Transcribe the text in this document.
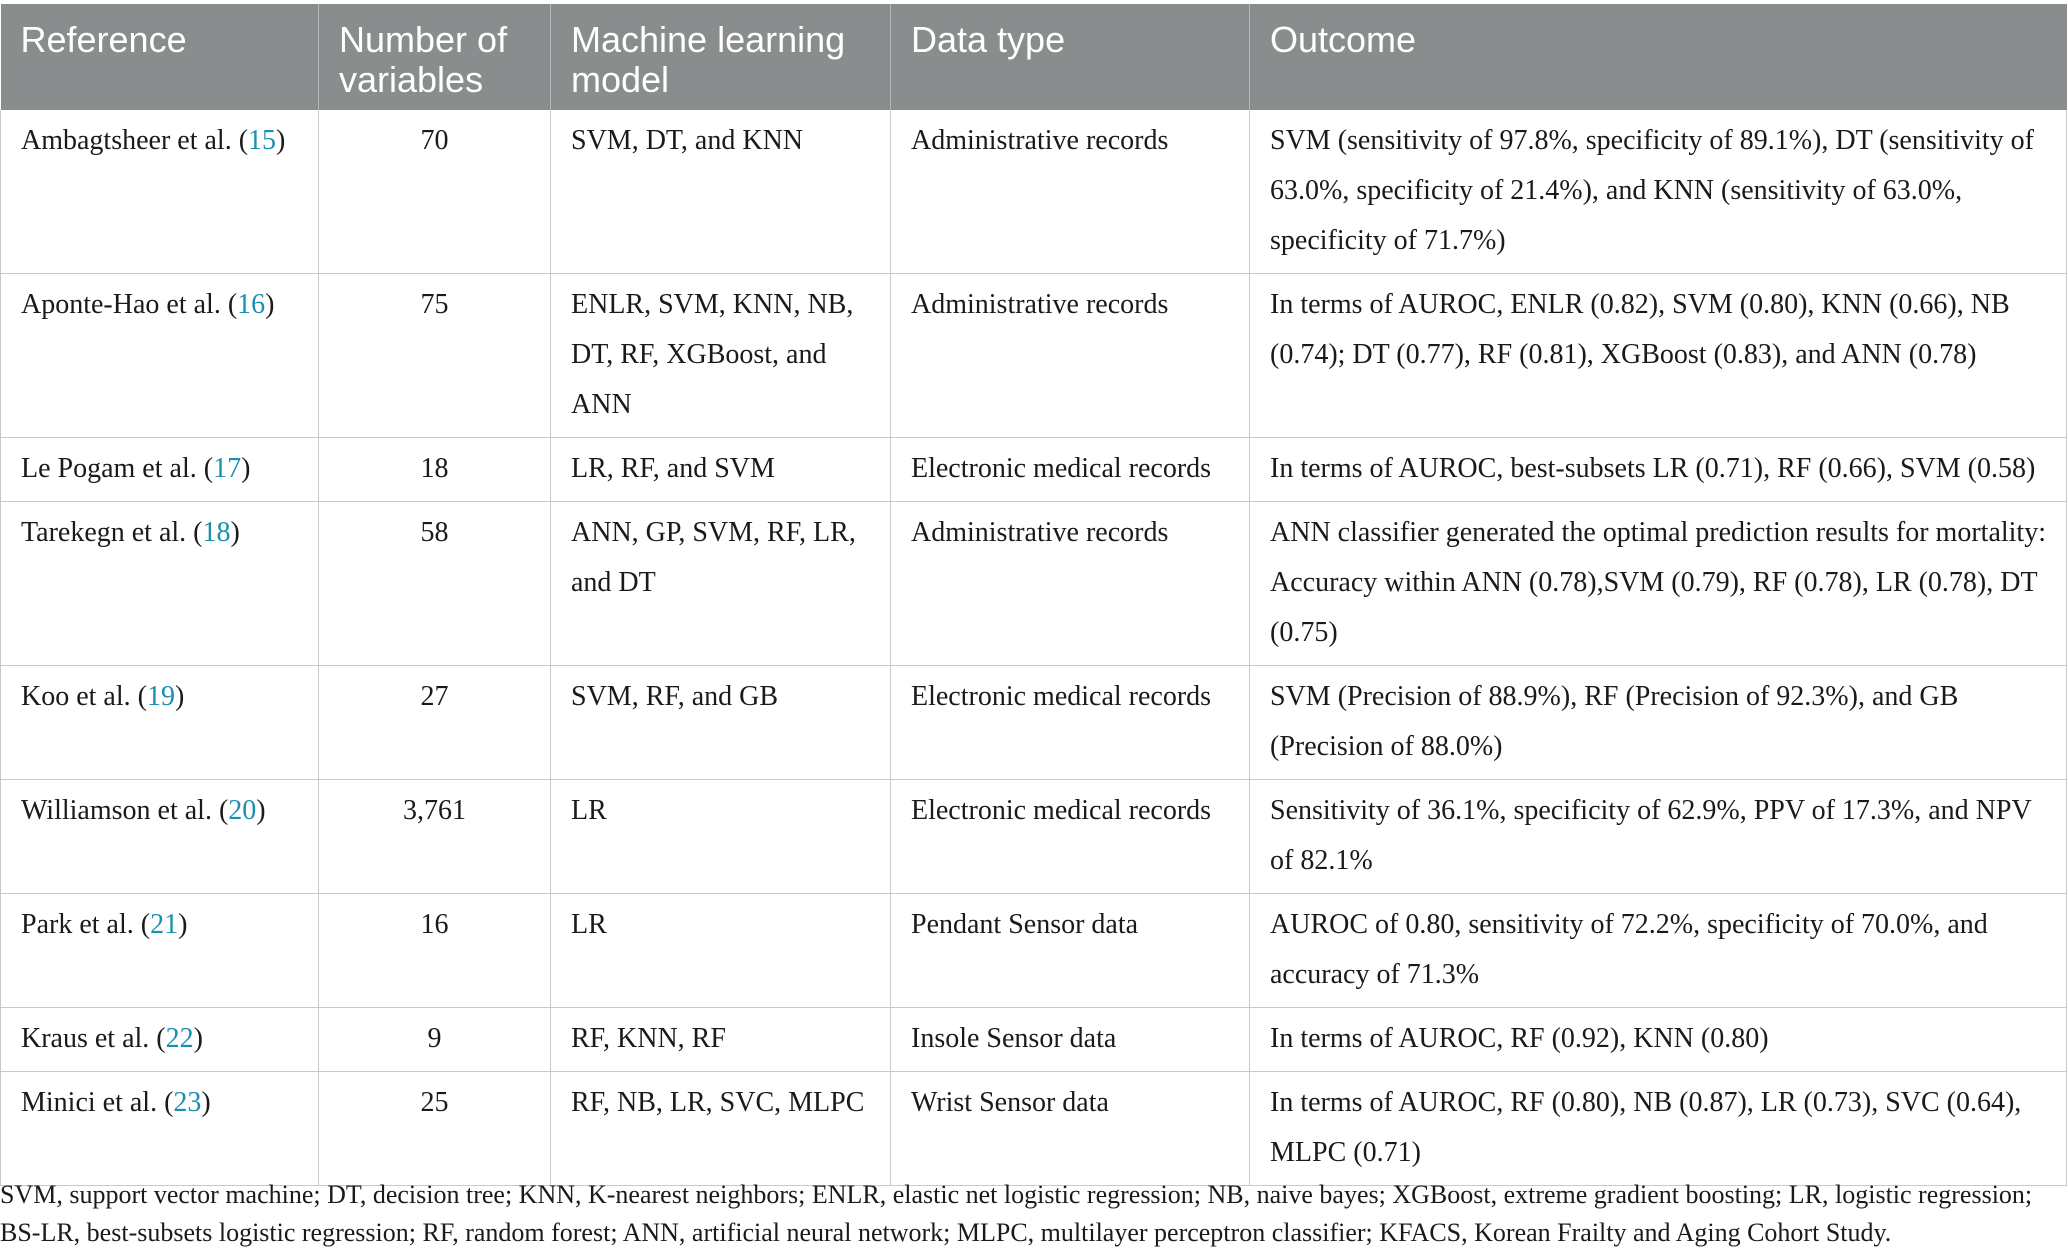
Reference	Number of variables	Machine learning model	Data type	Outcome
Ambagtsheer et al. (15)	70	SVM, DT, and KNN	Administrative records	SVM (sensitivity of 97.8%, specificity of 89.1%), DT (sensitivity of 63.0%, specificity of 21.4%), and KNN (sensitivity of 63.0%, specificity of 71.7%)
Aponte-Hao et al. (16)	75	ENLR, SVM, KNN, NB, DT, RF, XGBoost, and ANN	Administrative records	In terms of AUROC, ENLR (0.82), SVM (0.80), KNN (0.66), NB (0.74); DT (0.77), RF (0.81), XGBoost (0.83), and ANN (0.78)
Le Pogam et al. (17)	18	LR, RF, and SVM	Electronic medical records	In terms of AUROC, best-subsets LR (0.71), RF (0.66), SVM (0.58)
Tarekegn et al. (18)	58	ANN, GP, SVM, RF, LR, and DT	Administrative records	ANN classifier generated the optimal prediction results for mortality: Accuracy within ANN (0.78),SVM (0.79), RF (0.78), LR (0.78), DT (0.75)
Koo et al. (19)	27	SVM, RF, and GB	Electronic medical records	SVM (Precision of 88.9%), RF (Precision of 92.3%), and GB (Precision of 88.0%)
Williamson et al. (20)	3,761	LR	Electronic medical records	Sensitivity of 36.1%, specificity of 62.9%, PPV of 17.3%, and NPV of 82.1%
Park et al. (21)	16	LR	Pendant Sensor data	AUROC of 0.80, sensitivity of 72.2%, specificity of 70.0%, and accuracy of 71.3%
Kraus et al. (22)	9	RF, KNN, RF	Insole Sensor data	In terms of AUROC, RF (0.92), KNN (0.80)
Minici et al. (23)	25	RF, NB, LR, SVC, MLPC	Wrist Sensor data	In terms of AUROC, RF (0.80), NB (0.87), LR (0.73), SVC (0.64), MLPC (0.71)
SVM, support vector machine; DT, decision tree; KNN, K-nearest neighbors; ENLR, elastic net logistic regression; NB, naive bayes; XGBoost, extreme gradient boosting; LR, logistic regression; BS-LR, best-subsets logistic regression; RF, random forest; ANN, artificial neural network; MLPC, multilayer perceptron classifier; KFACS, Korean Frailty and Aging Cohort Study.
